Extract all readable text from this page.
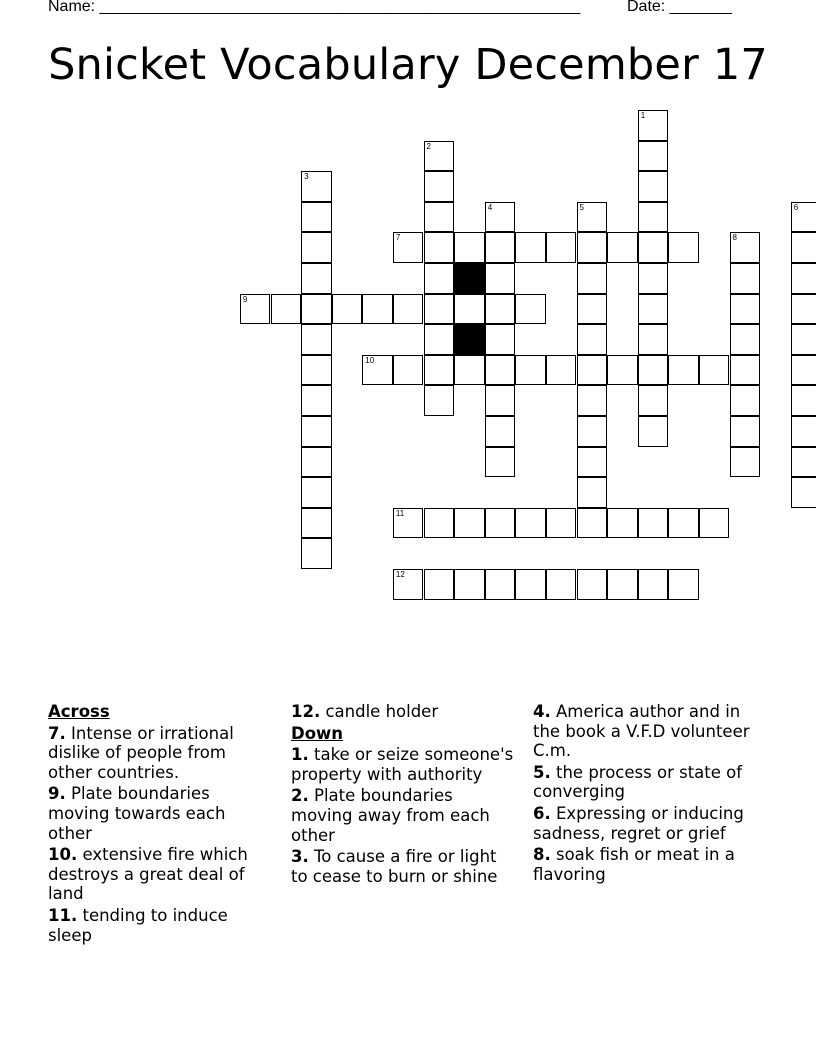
Name: ______________________________________________________	Date: _______
Snicket Vocabulary December 17
1
2
3
4	5	6
7	8
9
10
11
12
Across
7. Intense or irrational dislike of people from other countries.
9. Plate boundaries moving towards each other
10. extensive fire which destroys a great deal of land
11. tending to induce sleep
12. candle holder
Down
1. take or seize someone's property with authority
2. Plate boundaries moving away from each other
3. To cause a fire or light to cease to burn or shine
4. America author and in the book a V.F.D volunteer C.m.
5. the process or state of converging
6. Expressing or inducing sadness, regret or grief
8. soak fish or meat in a flavoring
